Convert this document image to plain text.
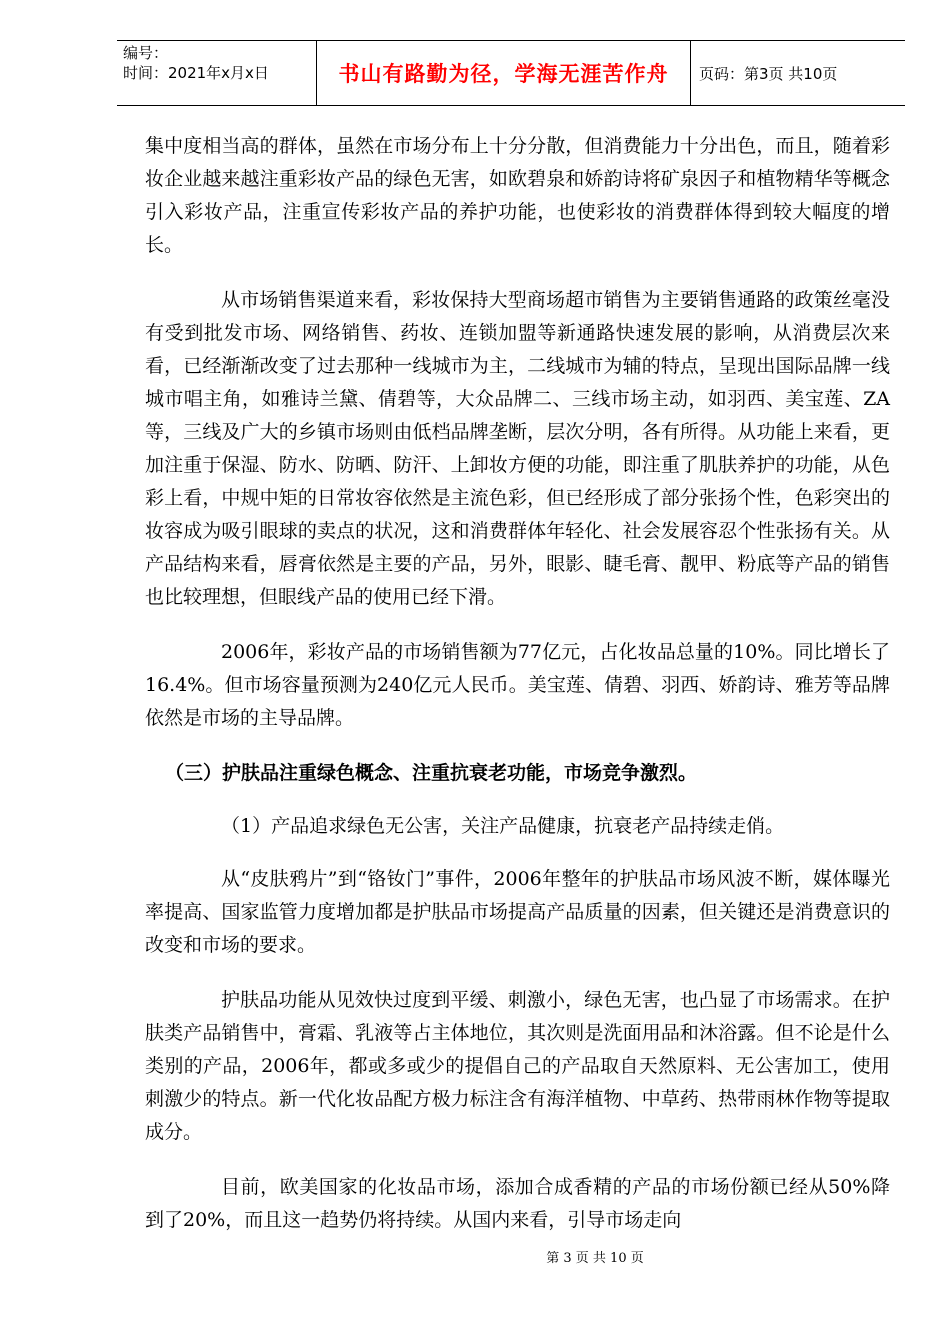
编号：
时间：2021年x月x日	书山有路勤为径，学海无涯苦作舟	页码：第3页 共10页

集中度相当高的群体，虽然在市场分布上十分分散，但消费能力十分出色，而且，随着彩妆企业越来越注重彩妆产品的绿色无害，如欧碧泉和娇韵诗将矿泉因子和植物精华等概念引入彩妆产品，注重宣传彩妆产品的养护功能，也使彩妆的消费群体得到较大幅度的增长。

从市场销售渠道来看，彩妆保持大型商场超市销售为主要销售通路的政策丝毫没有受到批发市场、网络销售、药妆、连锁加盟等新通路快速发展的影响，从消费层次来看，已经渐渐改变了过去那种一线城市为主，二线城市为辅的特点，呈现出国际品牌一线城市唱主角，如雅诗兰黛、倩碧等，大众品牌二、三线市场主动，如羽西、美宝莲、ZA等，三线及广大的乡镇市场则由低档品牌垄断，层次分明，各有所得。从功能上来看，更加注重于保湿、防水、防晒、防汗、上卸妆方便的功能，即注重了肌肤养护的功能，从色彩上看，中规中矩的日常妆容依然是主流色彩，但已经形成了部分张扬个性，色彩突出的妆容成为吸引眼球的卖点的状况，这和消费群体年轻化、社会发展容忍个性张扬有关。从产品结构来看，唇膏依然是主要的产品，另外，眼影、睫毛膏、靓甲、粉底等产品的销售也比较理想，但眼线产品的使用已经下滑。

2006年，彩妆产品的市场销售额为77亿元，占化妆品总量的10%。同比增长了16.4%。但市场容量预测为240亿元人民币。美宝莲、倩碧、羽西、娇韵诗、雅芳等品牌依然是市场的主导品牌。

（三）护肤品注重绿色概念、注重抗衰老功能，市场竞争激烈。

（1）产品追求绿色无公害，关注产品健康，抗衰老产品持续走俏。

从“皮肤鸦片”到“铬钕门”事件，2006年整年的护肤品市场风波不断，媒体曝光率提高、国家监管力度增加都是护肤品市场提高产品质量的因素，但关键还是消费意识的改变和市场的要求。

护肤品功能从见效快过度到平缓、刺激小，绿色无害，也凸显了市场需求。在护肤类产品销售中，膏霜、乳液等占主体地位，其次则是洗面用品和沐浴露。但不论是什么类别的产品，2006年，都或多或少的提倡自己的产品取自天然原料、无公害加工，使用刺激少的特点。新一代化妆品配方极力标注含有海洋植物、中草药、热带雨林作物等提取成分。

目前，欧美国家的化妆品市场，添加合成香精的产品的市场份额已经从50%降到了20%，而且这一趋势仍将持续。从国内来看，引导市场走向

第 3 页 共 10 页
